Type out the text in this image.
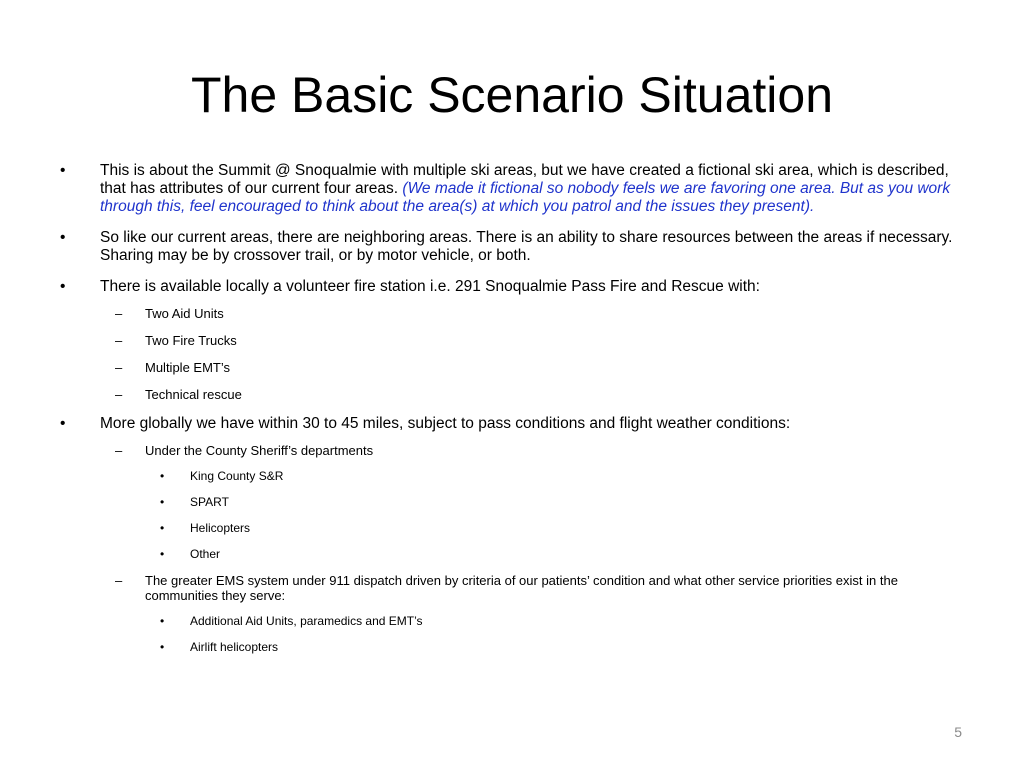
The Basic Scenario Situation
•	This is about the Summit @ Snoqualmie with multiple ski areas, but we have created a fictional ski area, which is described, that has attributes of our current four areas. (We made it fictional so nobody feels we are favoring one area. But as you work through this, feel encouraged to think about the area(s) at which you patrol and the issues they present).
•	So like our current areas, there are neighboring areas. There is an ability to share resources between the areas if necessary. Sharing may be by crossover trail, or by motor vehicle, or both.
•	There is available locally a volunteer fire station i.e. 291 Snoqualmie Pass Fire and Rescue with:
– Two Aid Units
– Two Fire Trucks
– Multiple EMT’s
– Technical rescue
•	More globally we have within 30 to 45 miles, subject to pass conditions and flight weather conditions:
– Under the County Sheriff’s departments
• King County S&R
• SPART
• Helicopters
• Other
– The greater EMS system under 911 dispatch driven by criteria of our patients’ condition and what other service priorities exist in the communities they serve:
• Additional Aid Units, paramedics and EMT’s
• Airlift helicopters
5
